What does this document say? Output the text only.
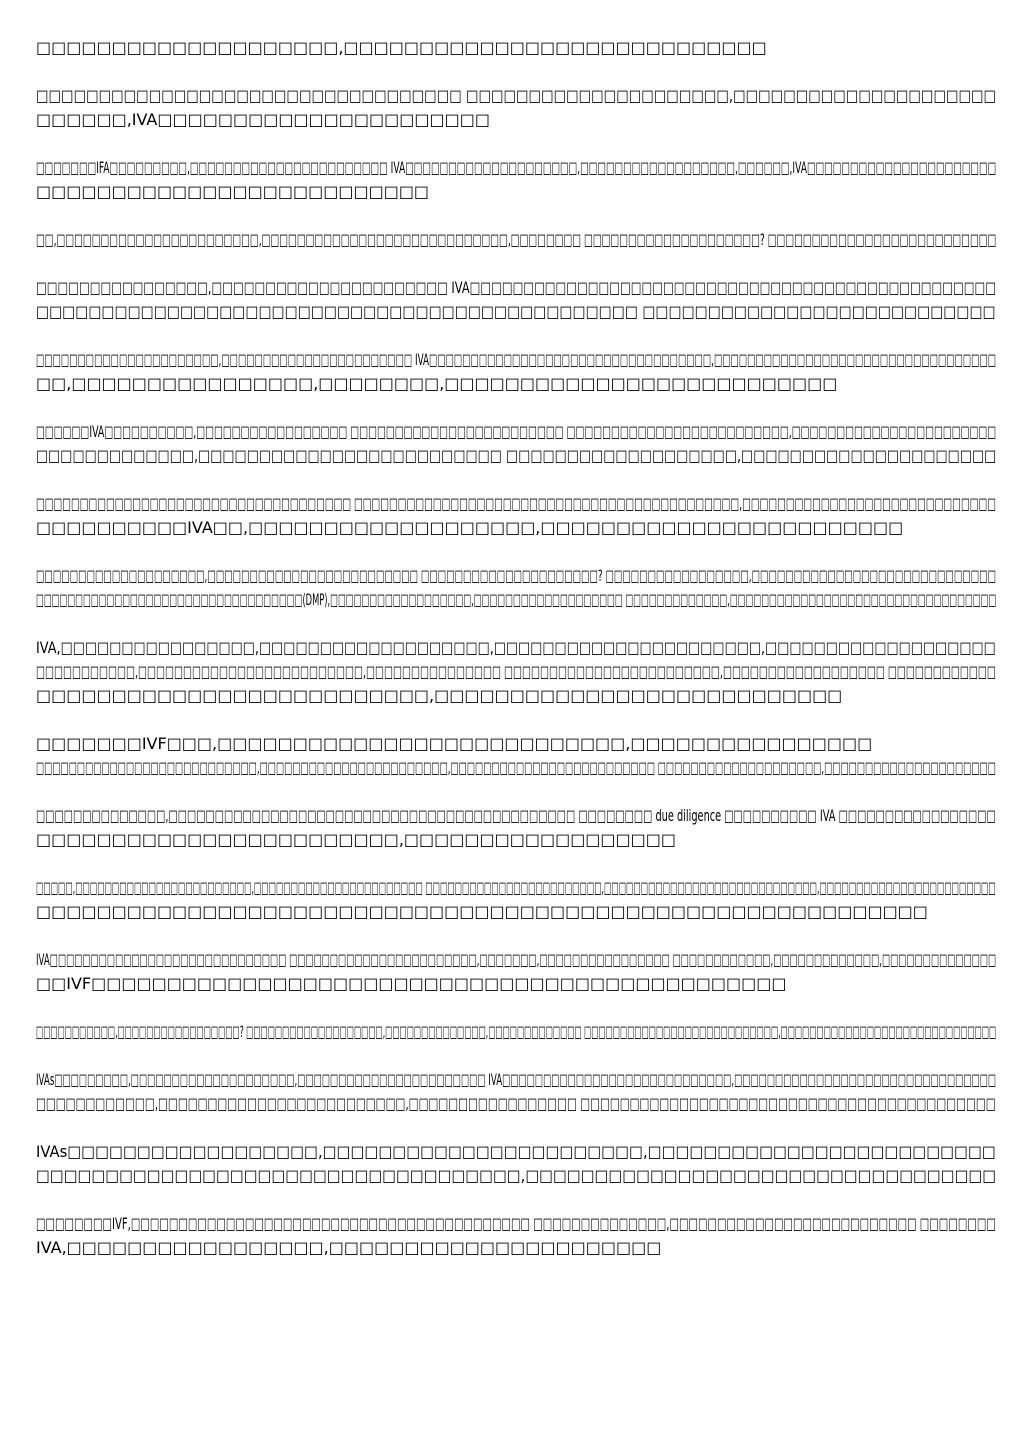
□□□□□□□□□□□□□□□□□□□□,□□□□□□□□□□□□□□□□□□□□□□□□□□□□

□□□□□□□□□□□□□□□□□□□□□□□□□□□□□□□□□□ □□□□□□□□□□□□□□□□□□□□□,□□□□□□□□□□□□□□□□□□□□□
□□□□□□,IVA□□□□□□□□□□□□□□□□□□□□□□

□□□□□□□IFA□□□□□□□□□,□□□□□□□□□□□□□□□□□□□□□□□ IVA□□□□□□□□□□□□□□□□□□□□,□□□□□□□□□□□□□□□□□□,□□□□□□,IVA□□□□□□□□□□□□□□□□□□□□□□
□□□□□□□□□□□□□□□□□□□□□□□□□□

□□,□□□□□□□□□□□□□□□□□□□□□□□,□□□□□□□□□□□□□□□□□□□□□□□□□□□□,□□□□□□□□ □□□□□□□□□□□□□□□□□□□□? □□□□□□□□□□□□□□□□□□□□□□□□□□

□□□□□□□□□□□□□□□□,□□□□□□□□□□□□□□□□□□□□□□ IVA□□□□□□□□□□□□□□□□□□□□□□□□□□□□□□□□□□□□□□□□□□□□□□□□□
□□□□□□□□□□□□□□□□□□□□□□□□□□□□□□□□□□□□□□□□□□□□□□ □□□□□□□□□□□□□□□□□□□□□□□□□□□

□□□□□□□□□□□□□□□□□□□□□□,□□□□□□□□□□□□□□□□□□□□□□□ IVA□□□□□□□□□□□□□□□□□□□□□□□□□□□□□□□□□□,□□□□□□□□□□□□□□□□□□□□□□□□□□□□□□□□□□
□□,□□□□□□□□□□□□□□□□,□□□□□□□□,□□□□□□□□□□□□□□□□□□□□□□□□□□

□□□□□□IVA□□□□□□□□□□,□□□□□□□□□□□□□□□□□ □□□□□□□□□□□□□□□□□□□□□□□□ □□□□□□□□□□□□□□□□□□□□□□□□□,□□□□□□□□□□□□□□□□□□□□□□□
□□□□□□□□□□□□□,□□□□□□□□□□□□□□□□□□□□□□□□□ □□□□□□□□□□□□□□□□□□□,□□□□□□□□□□□□□□□□□□□□□

□□□□□□□□□□□□□□□□□□□□□□□□□□□□□□□□□□□□ □□□□□□□□□□□□□□□□□□□□□□□□□□□□□□□□□□□□□□□□□□□□,□□□□□□□□□□□□□□□□□□□□□□□□□□□□□
□□□□□□□□□□IVA□□,□□□□□□□□□□□□□□□□□□□,□□□□□□□□□□□□□□□□□□□□□□□□

□□□□□□□□□□□□□□□□□□□□,□□□□□□□□□□□□□□□□□□□□□□□□□ □□□□□□□□□□□□□□□□□□□□□? □□□□□□□□□□□□□□□□□,□□□□□□□□□□□□□□□□□□□□□□□□□□□□□
□□□□□□□□□□□□□□□□□□□□□□□□□□□□□□□□□□(DMP),□□□□□□□□□□□□□□□□□□,□□□□□□□□□□□□□□□□□□□ □□□□□□□□□□□□□,□□□□□□□□□□□□□□□□□□□□□□□□□□□□□□□□□□

IVA,□□□□□□□□□□□□□□□□,□□□□□□□□□□□□□□□□□□□,□□□□□□□□□□□□□□□□□□□□□□,□□□□□□□□□□□□□□□□□□□
□□□□□□□□□□□,□□□□□□□□□□□□□□□□□□□□□□□□□,□□□□□□□□□□□□□□□ □□□□□□□□□□□□□□□□□□□□□□□□,□□□□□□□□□□□□□□□□□□ □□□□□□□□□□□□
□□□□□□□□□□□□□□□□□□□□□□□□□□,□□□□□□□□□□□□□□□□□□□□□□□□□□□

□□□□□□□IVF□□□,□□□□□□□□□□□□□□□□□□□□□□□□□□□,□□□□□□□□□□□□□□□□
□□□□□□□□□□□□□□□□□□□□□□□□□□□,□□□□□□□□□□□□□□□□□□□□□□□,□□□□□□□□□□□□□□□□□□□□□□□□□ □□□□□□□□□□□□□□□□□□□□,□□□□□□□□□□□□□□□□□□□□□

□□□□□□□□□□□□□□,□□□□□□□□□□□□□□□□□□□□□□□□□□□□□□□□□□□□□□□□□□□□ □□□□□□□□ due diligence □□□□□□□□□□ IVA □□□□□□□□□□□□□□□□□
□□□□□□□□□□□□□□□□□□□□□□□□,□□□□□□□□□□□□□□□□□□

□□□□□,□□□□□□□□□□□□□□□□□□□□□□□□,□□□□□□□□□□□□□□□□□□□□□□□ □□□□□□□□□□□□□□□□□□□□□□□□,□□□□□□□□□□□□□□□□□□□□□□□□□□□□□,□□□□□□□□□□□□□□□□□□□□□□□□
□□□□□□□□□□□□□□□□□□□□□□□□□□□□□□□□□□□□□□□□□□□□□□□□□□□□□□□□□□□

IVA□□□□□□□□□□□□□□□□□□□□□□□□□□□□□ □□□□□□□□□□□□□□□□□□□□□□□,□□□□□□□,□□□□□□□□□□□□□□□□ □□□□□□□□□□□□,□□□□□□□□□□□□□,□□□□□□□□□□□□□□
□□IVF□□□□□□□□□□□□□□□□□□□□□□□□□□□□□□□□□□□□□□□□□□□□□□

□□□□□□□□□□□,□□□□□□□□□□□□□□□□□? □□□□□□□□□□□□□□□□□□□,□□□□□□□□□□□□□□,□□□□□□□□□□□□□ □□□□□□□□□□□□□□□□□□□□□□□□□□□,□□□□□□□□□□□□□□□□□□□□□□□□□□□□□□

IVAs□□□□□□□□□,□□□□□□□□□□□□□□□□□□□□,□□□□□□□□□□□□□□□□□□□□□□□ IVA□□□□□□□□□□□□□□□□□□□□□□□□□□□□,□□□□□□□□□□□□□□□□□□□□□□□□□□□□□□□□
□□□□□□□□□□□□,□□□□□□□□□□□□□□□□□□□□□□□□□,□□□□□□□□□□□□□□□□□ □□□□□□□□□□□□□□□□□□□□□□□□□□□□□□□□□□□□□□□□□□

IVAs□□□□□□□□□□□□□□□□□□,□□□□□□□□□□□□□□□□□□□□□□□,□□□□□□□□□□□□□□□□□□□□□□□□□
□□□□□□□□□□□□□□□□□□□□□□□□□□□□□□□□□□□,□□□□□□□□□□□□□□□□□□□□□□□□□□□□□□□□□□

□□□□□□□□IVF,□□□□□□□□□□□□□□□□□□□□□□□□□□□□□□□□□□□□□□□□□□ □□□□□□□□□□□□□□,□□□□□□□□□□□□□□□□□□□□□□□□□□ □□□□□□□□
IVA,□□□□□□□□□□□□□□□□□,□□□□□□□□□□□□□□□□□□□□□□
